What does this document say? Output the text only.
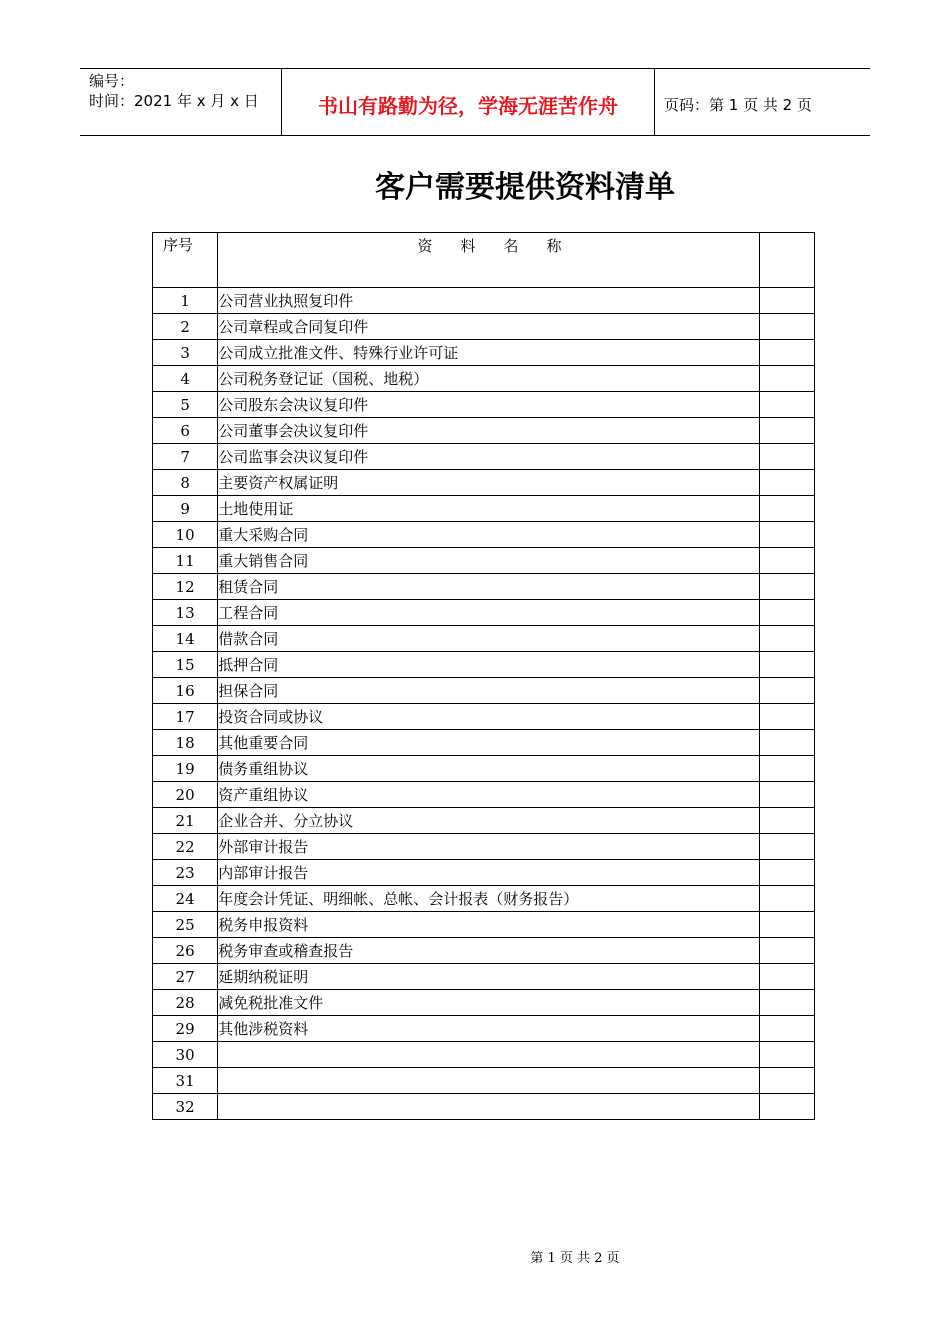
编号：
时间：2021 年 x 月 x 日	书山有路勤为径，学海无涯苦作舟	页码：第 1 页 共 2 页
客户需要提供资料清单
序号	资料名称	
1	公司营业执照复印件	
2	公司章程或合同复印件	
3	公司成立批准文件、特殊行业许可证	
4	公司税务登记证（国税、地税）	
5	公司股东会决议复印件	
6	公司董事会决议复印件	
7	公司监事会决议复印件	
8	主要资产权属证明	
9	土地使用证	
10	重大采购合同	
11	重大销售合同	
12	租赁合同	
13	工程合同	
14	借款合同	
15	抵押合同	
16	担保合同	
17	投资合同或协议	
18	其他重要合同	
19	债务重组协议	
20	资产重组协议	
21	企业合并、分立协议	
22	外部审计报告	
23	内部审计报告	
24	年度会计凭证、明细帐、总帐、会计报表（财务报告）	
25	税务申报资料	
26	税务审查或稽查报告	
27	延期纳税证明	
28	减免税批准文件	
29	其他涉税资料	
30		
31		
32		
第 1 页 共 2 页
